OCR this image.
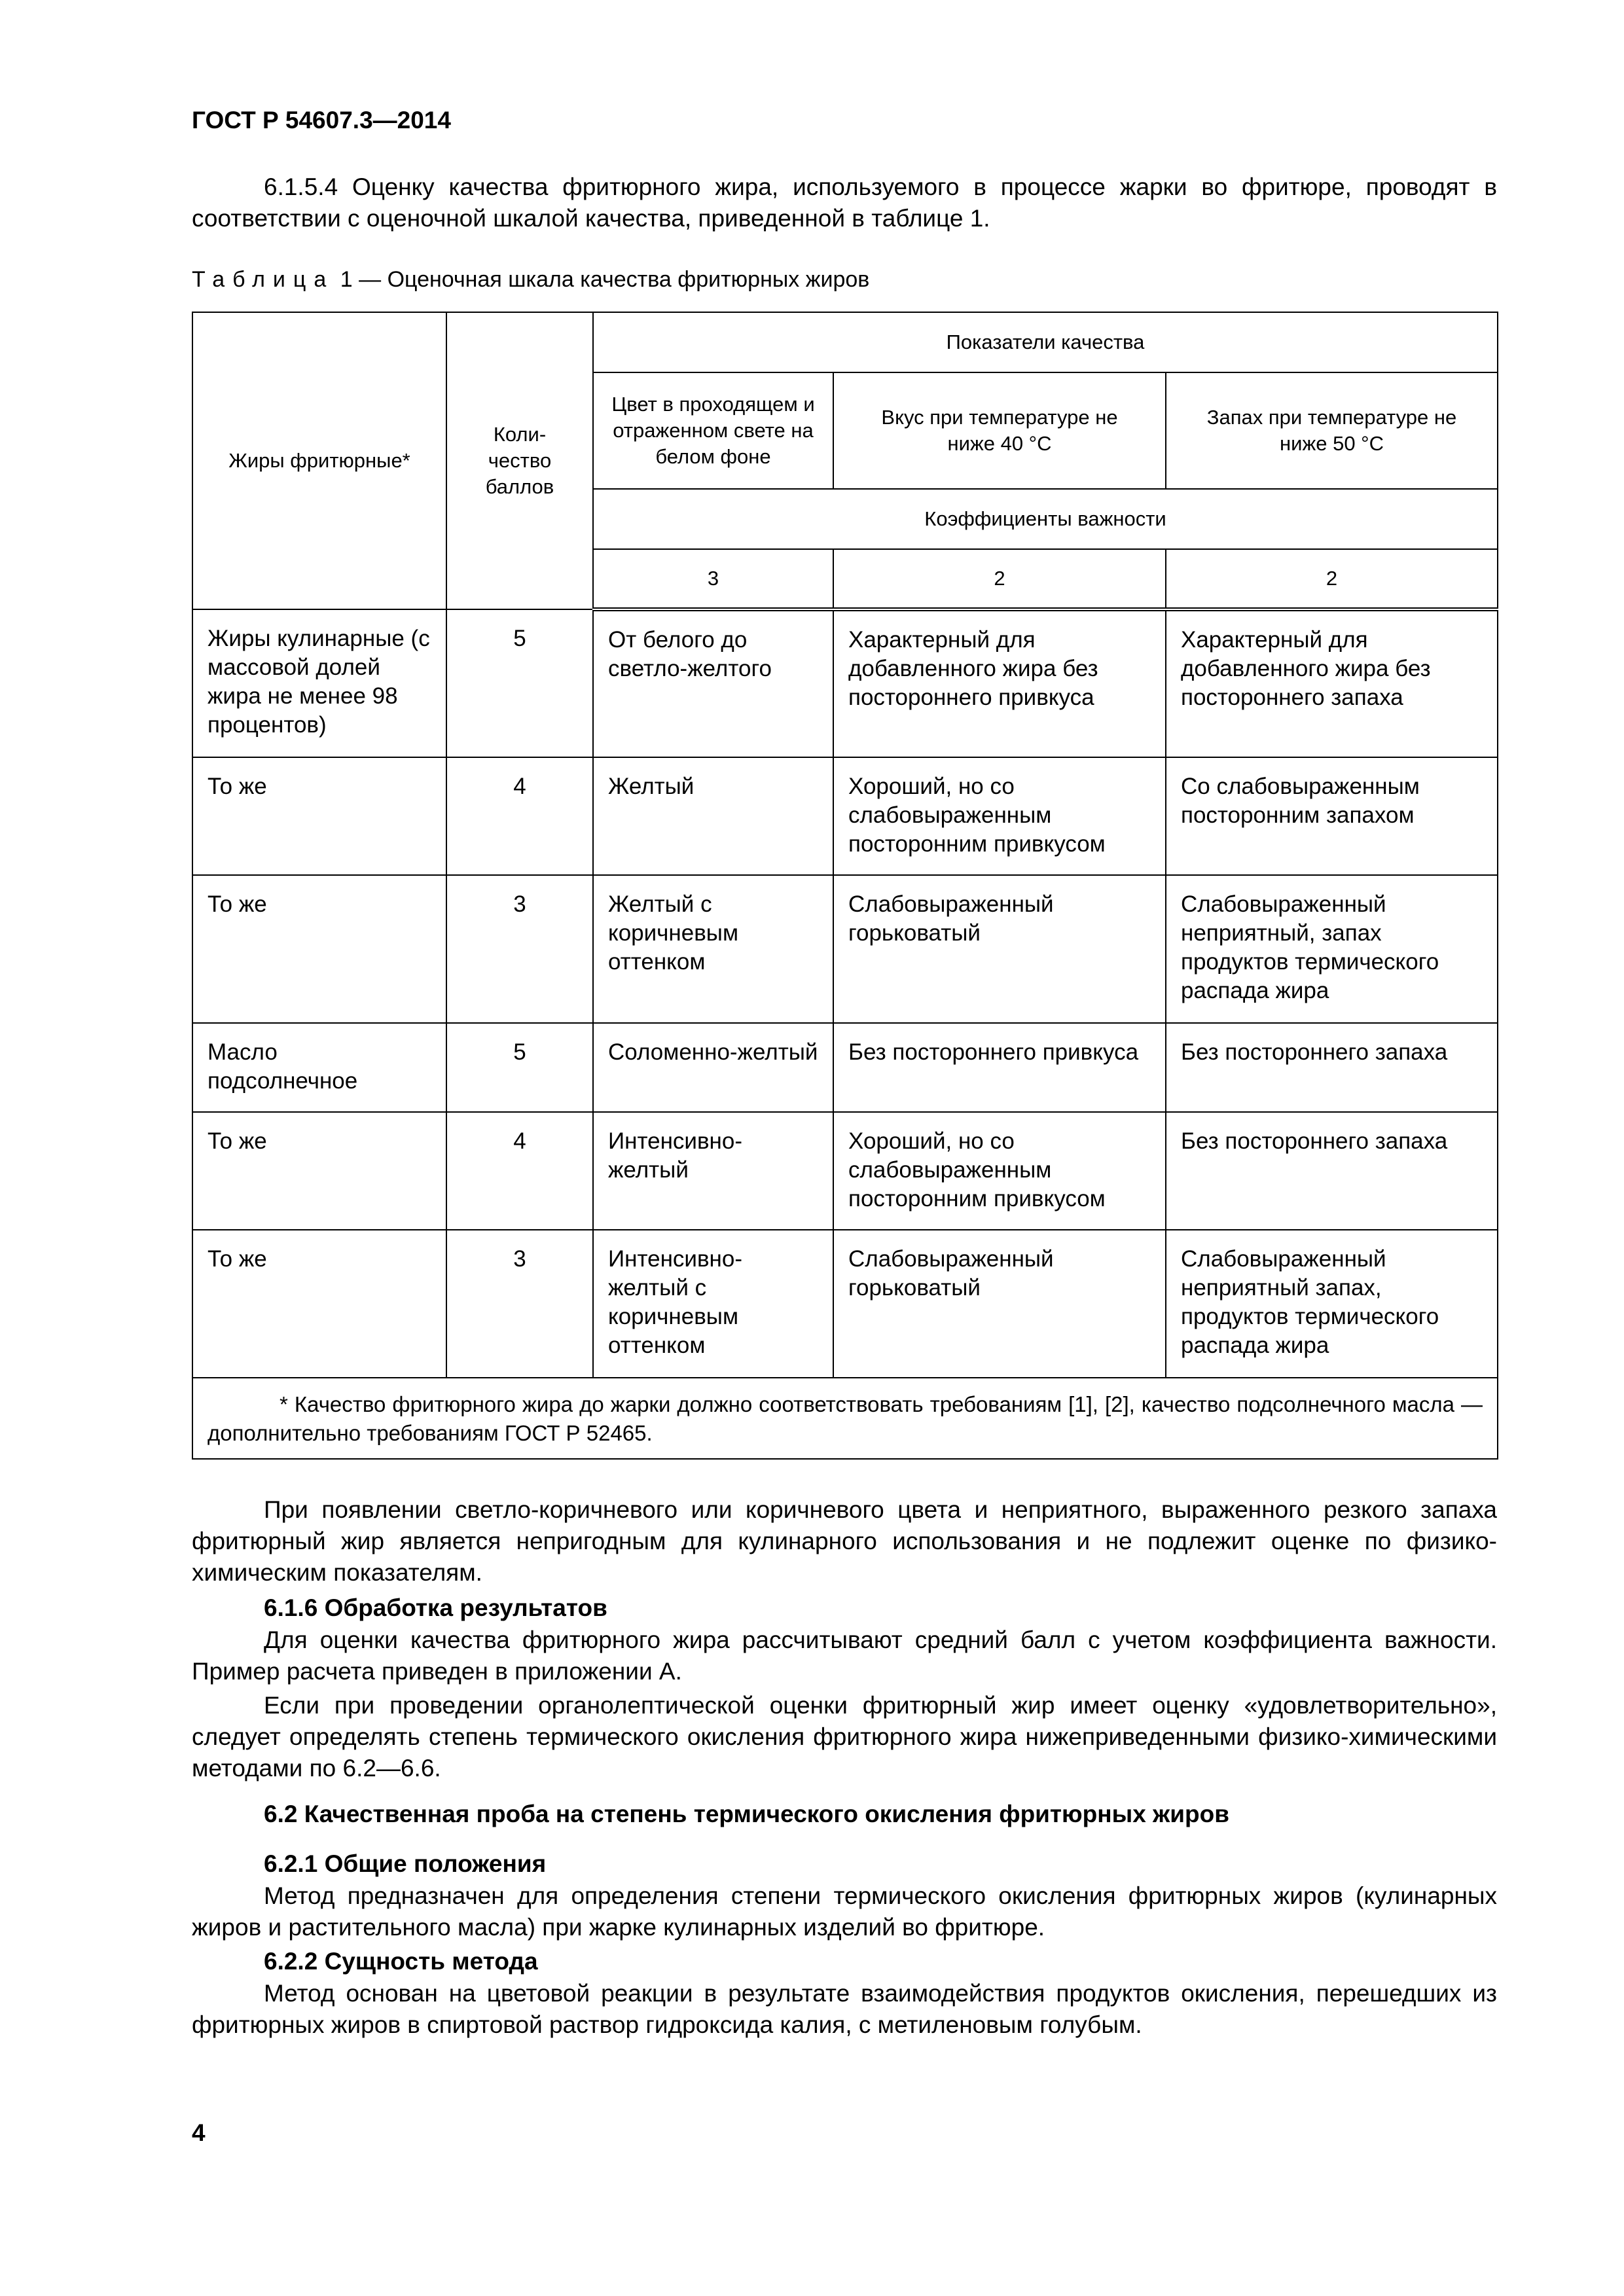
ГОСТ Р 54607.3—2014

6.1.5.4 Оценку качества фритюрного жира, используемого в процессе жарки во фритюре, проводят в соответствии с оценочной шкалой качества, приведенной в таблице 1.

Таблица 1 — Оценочная шкала качества фритюрных жиров
Жиры фритюрные*	Коли-чество баллов	Показатели качества		

		Цвет в проходящем и отраженном свете на белом фоне	Вкус при температуре не ниже 40 °С	Запах при температуре не ниже 50 °С

		Коэффициенты важности		

		3	2	2

Жиры кулинарные (с массовой долей жира не менее 98 процентов)	5	От белого до светло-желтого	Характерный для добавленного жира без постороннего привкуса	Характерный для добавленного жира без постороннего запаха

То же	4	Желтый	Хороший, но со слабовыраженным посторонним привкусом	Со слабовыраженным посторонним запахом

То же	3	Желтый с коричневым оттенком	Слабовыраженный горьковатый	Слабовыраженный неприятный, запах продуктов термического распада жира

Масло подсолнечное	5	Соломенно-желтый	Без постороннего привкуса	Без постороннего запаха

То же	4	Интенсивно-желтый	Хороший, но со слабовыраженным посторонним привкусом	Без постороннего запаха

То же	3	Интенсивно-желтый с коричневым оттенком	Слабовыраженный горьковатый	Слабовыраженный неприятный запах, продуктов термического распада жира

* Качество фритюрного жира до жарки должно соответствовать требованиям [1], [2], качество подсолнечного масла — дополнительно требованиям ГОСТ Р 52465.				

При появлении светло-коричневого или коричневого цвета и неприятного, выраженного резкого запаха фритюрный жир является непригодным для кулинарного использования и не подлежит оценке по физико-химическим показателям.

6.1.6 Обработка результатов

Для оценки качества фритюрного жира рассчитывают средний балл с учетом коэффициента важности. Пример расчета приведен в приложении А.

Если при проведении органолептической оценки фритюрный жир имеет оценку «удовлетворительно», следует определять степень термического окисления фритюрного жира нижеприведенными физико-химическими методами по 6.2—6.6.

6.2 Качественная проба на степень термического окисления фритюрных жиров

6.2.1 Общие положения

Метод предназначен для определения степени термического окисления фритюрных жиров (кулинарных жиров и растительного масла) при жарке кулинарных изделий во фритюре.

6.2.2 Сущность метода

Метод основан на цветовой реакции в результате взаимодействия продуктов окисления, перешедших из фритюрных жиров в спиртовой раствор гидроксида калия, с метиленовым голубым.

4
